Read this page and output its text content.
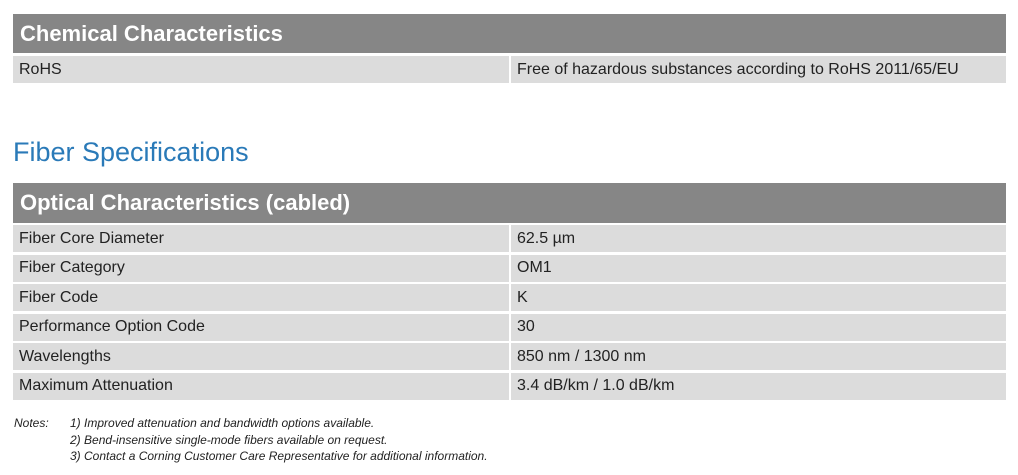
Chemical Characteristics
RoHS	Free of hazardous substances according to RoHS 2011/65/EU
Fiber Specifications
Optical Characteristics (cabled)
Fiber Core Diameter	62.5 µm
Fiber Category	OM1
Fiber Code	K
Performance Option Code	30
Wavelengths	850 nm / 1300 nm
Maximum Attenuation	3.4 dB/km / 1.0 dB/km
Notes:	1) Improved attenuation and bandwidth options available.
2) Bend-insensitive single-mode fibers available on request.
3) Contact a Corning Customer Care Representative for additional information.
